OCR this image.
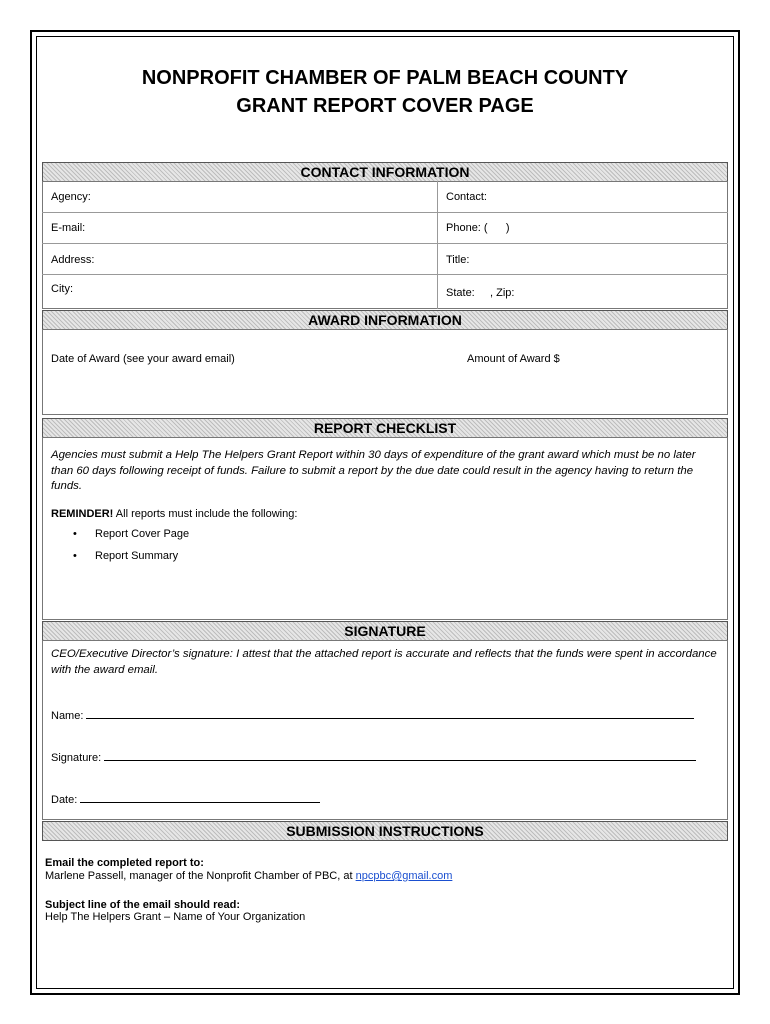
NONPROFIT CHAMBER OF PALM BEACH COUNTY
GRANT REPORT COVER PAGE
CONTACT INFORMATION
Agency:	Contact:
E-mail:	Phone: (      )
Address:	Title:
City:	State:     , Zip:
AWARD INFORMATION
Date of Award (see your award email)	Amount of Award $
REPORT CHECKLIST
Agencies must submit a Help The Helpers Grant Report within 30 days of expenditure of the grant award which must be no later than 60 days following receipt of funds. Failure to submit a report by the due date could result in the agency having to return the funds.
REMINDER! All reports must include the following:
• Report Cover Page
• Report Summary
SIGNATURE
CEO/Executive Director’s signature: I attest that the attached report is accurate and reflects that the funds were spent in accordance with the award email.
Name:
Signature:
Date:
SUBMISSION INSTRUCTIONS
Email the completed report to:
Marlene Passell, manager of the Nonprofit Chamber of PBC, at npcpbc@gmail.com
Subject line of the email should read:
Help The Helpers Grant – Name of Your Organization
